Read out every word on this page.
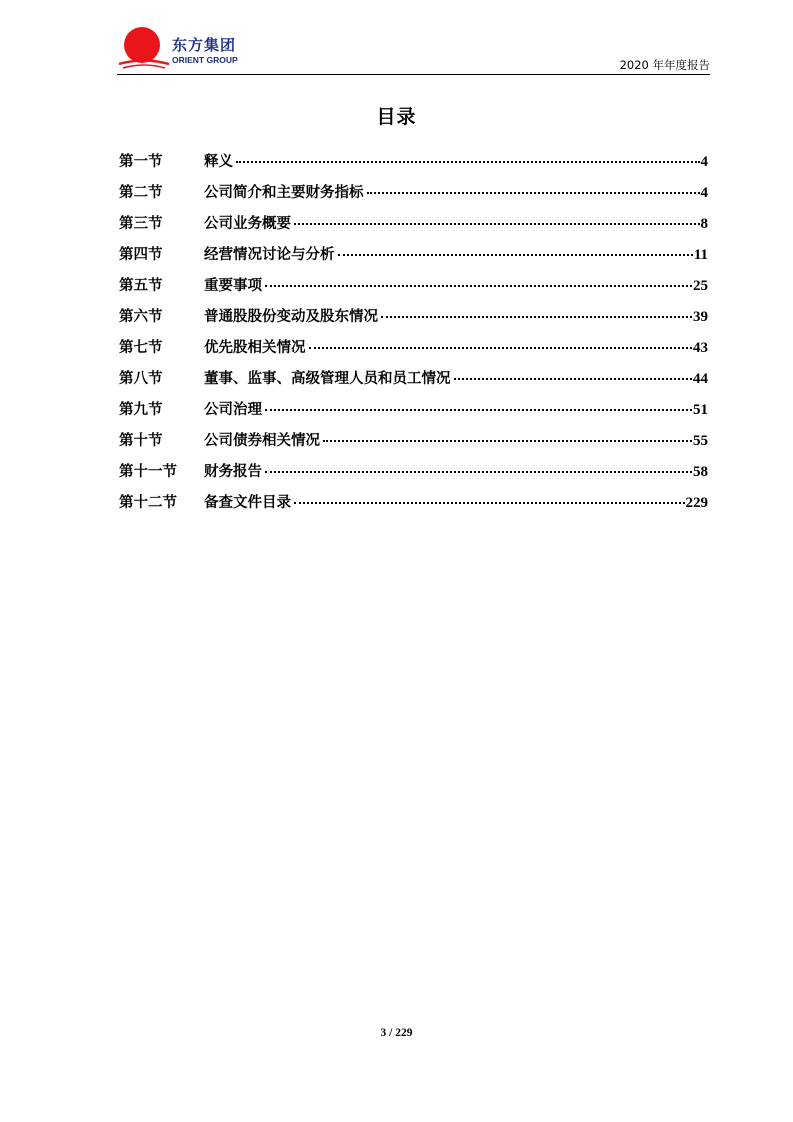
东方集团
ORIENT GROUP	2020 年年度报告
目录
第一节	释义	4
第二节	公司简介和主要财务指标	4
第三节	公司业务概要	8
第四节	经营情况讨论与分析	11
第五节	重要事项	25
第六节	普通股股份变动及股东情况	39
第七节	优先股相关情况	43
第八节	董事、监事、高级管理人员和员工情况	44
第九节	公司治理	51
第十节	公司债券相关情况	55
第十一节	财务报告	58
第十二节	备查文件目录	229
3 / 229
